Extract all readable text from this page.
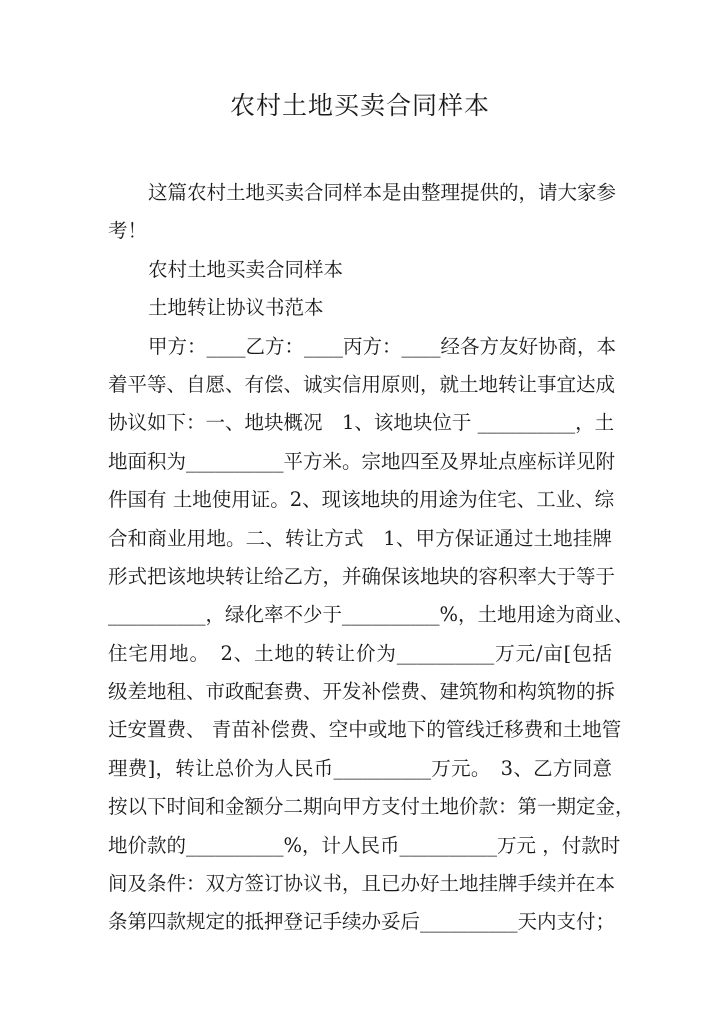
农村土地买卖合同样本
这篇农村土地买卖合同样本是由整理提供的，请大家参
考！
农村土地买卖合同样本
土地转让协议书范本
甲方：____乙方：____丙方：____经各方友好协商，本
着平等、自愿、有偿、诚实信用原则，就土地转让事宜达成
协议如下：一、地块概况　1、该地块位于 __________，土
地面积为__________平方米。宗地四至及界址点座标详见附
件国有 土地使用证。2、现该地块的用途为住宅、工业、综
合和商业用地。二、转让方式　1、甲方保证通过土地挂牌
形式把该地块转让给乙方，并确保该地块的容积率大于等于
__________，绿化率不少于__________%，土地用途为商业、
住宅用地。　2、土地的转让价为__________万元/亩[包括
级差地租、市政配套费、开发补偿费、建筑物和构筑物的拆
迁安置费、 青苗补偿费、空中或地下的管线迁移费和土地管
理费]，转让总价为人民币__________万元。　3、乙方同意
按以下时间和金额分二期向甲方支付土地价款：第一期定金，
地价款的__________%，计人民币__________万元 ，付款时
间及条件：双方签订协议书，且已办好土地挂牌手续并在本
条第四款规定的抵押登记手续办妥后__________天内支付；
